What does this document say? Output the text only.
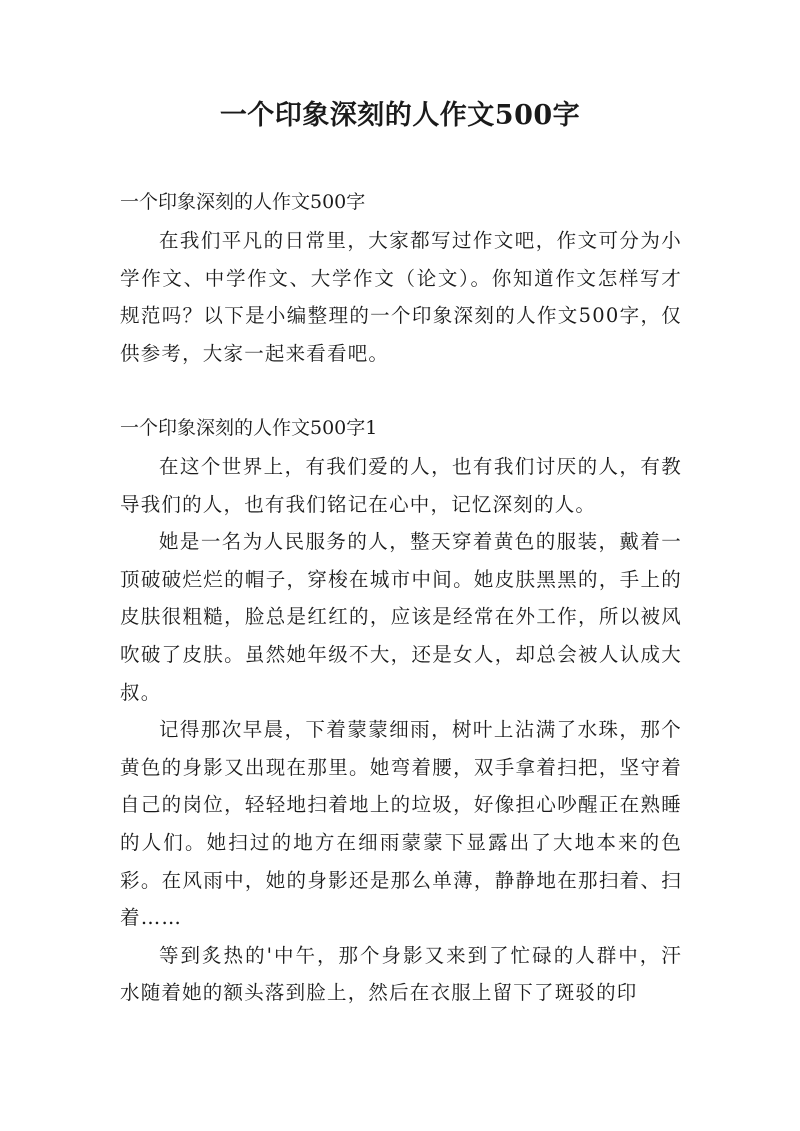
一个印象深刻的人作文500字

一个印象深刻的人作文500字

在我们平凡的日常里，大家都写过作文吧，作文可分为小学作文、中学作文、大学作文（论文）。你知道作文怎样写才规范吗？以下是小编整理的一个印象深刻的人作文500字，仅供参考，大家一起来看看吧。

一个印象深刻的人作文500字1

在这个世界上，有我们爱的人，也有我们讨厌的人，有教导我们的人，也有我们铭记在心中，记忆深刻的人。

她是一名为人民服务的人，整天穿着黄色的服装，戴着一顶破破烂烂的帽子，穿梭在城市中间。她皮肤黑黑的，手上的皮肤很粗糙，脸总是红红的，应该是经常在外工作，所以被风吹破了皮肤。虽然她年级不大，还是女人，却总会被人认成大叔。

记得那次早晨，下着蒙蒙细雨，树叶上沾满了水珠，那个黄色的身影又出现在那里。她弯着腰，双手拿着扫把，坚守着自己的岗位，轻轻地扫着地上的垃圾，好像担心吵醒正在熟睡的人们。她扫过的地方在细雨蒙蒙下显露出了大地本来的色彩。在风雨中，她的身影还是那么单薄，静静地在那扫着、扫着……

等到炙热的'中午，那个身影又来到了忙碌的人群中，汗水随着她的额头落到脸上，然后在衣服上留下了斑驳的印
